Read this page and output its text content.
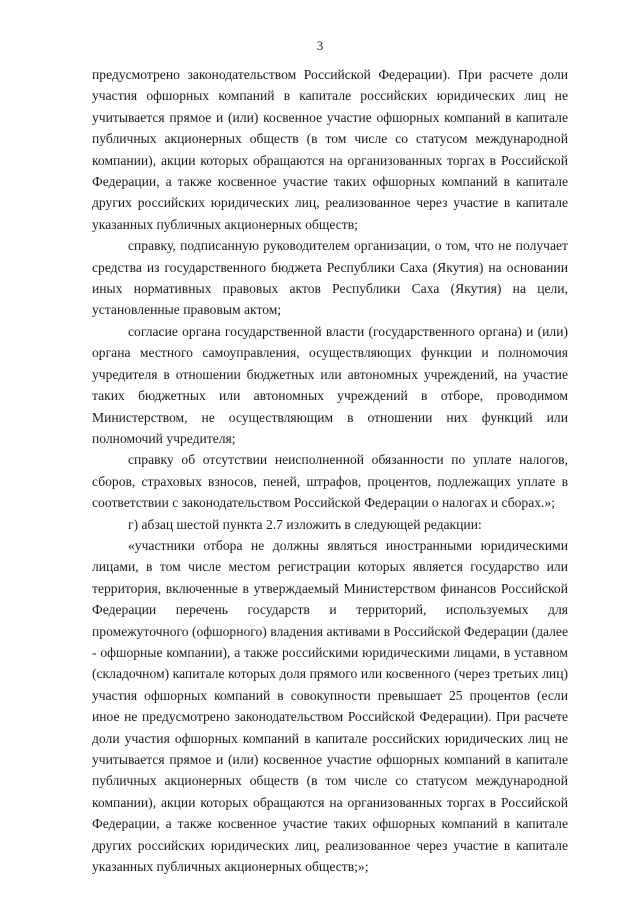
3

предусмотрено законодательством Российской Федерации). При расчете доли участия офшорных компаний в капитале российских юридических лиц не учитывается прямое и (или) косвенное участие офшорных компаний в капитале публичных акционерных обществ (в том числе со статусом международной компании), акции которых обращаются на организованных торгах в Российской Федерации, а также косвенное участие таких офшорных компаний в капитале других российских юридических лиц, реализованное через участие в капитале указанных публичных акционерных обществ;

справку, подписанную руководителем организации, о том, что не получает средства из государственного бюджета Республики Саха (Якутия) на основании иных нормативных правовых актов Республики Саха (Якутия) на цели, установленные правовым актом;

согласие органа государственной власти (государственного органа) и (или) органа местного самоуправления, осуществляющих функции и полномочия учредителя в отношении бюджетных или автономных учреждений, на участие таких бюджетных или автономных учреждений в отборе, проводимом Министерством, не осуществляющим в отношении них функций или полномочий учредителя;

справку об отсутствии неисполненной обязанности по уплате налогов, сборов, страховых взносов, пеней, штрафов, процентов, подлежащих уплате в соответствии с законодательством Российской Федерации о налогах и сборах.»;

г) абзац шестой пункта 2.7 изложить в следующей редакции:

«участники отбора не должны являться иностранными юридическими лицами, в том числе местом регистрации которых является государство или территория, включенные в утверждаемый Министерством финансов Российской Федерации перечень государств и территорий, используемых для промежуточного (офшорного) владения активами в Российской Федерации (далее - офшорные компании), а также российскими юридическими лицами, в уставном (складочном) капитале которых доля прямого или косвенного (через третьих лиц) участия офшорных компаний в совокупности превышает 25 процентов (если иное не предусмотрено законодательством Российской Федерации). При расчете доли участия офшорных компаний в капитале российских юридических лиц не учитывается прямое и (или) косвенное участие офшорных компаний в капитале публичных акционерных обществ (в том числе со статусом международной компании), акции которых обращаются на организованных торгах в Российской Федерации, а также косвенное участие таких офшорных компаний в капитале других российских юридических лиц, реализованное через участие в капитале указанных публичных акционерных обществ;»;
